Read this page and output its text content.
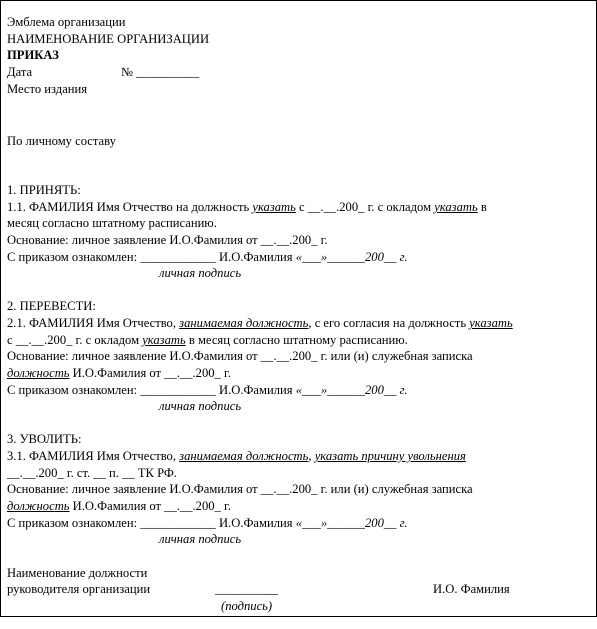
Эмблема организации
НАИМЕНОВАНИЕ ОРГАНИЗАЦИИ
ПРИКАЗ
Дата	№ __________
Место издания
По личному составу
1. ПРИНЯТЬ:
1.1. ФАМИЛИЯ Имя Отчество на должность указать с __.__.200_ г. с окладом указать в
месяц согласно штатному расписанию.
Основание: личное заявление И.О.Фамилия от __.__.200_ г.
С приказом ознакомлен: ____________ И.О.Фамилия «___»______200__ г.
личная подпись
2. ПЕРЕВЕСТИ:
2.1. ФАМИЛИЯ Имя Отчество, занимаемая должность, с его согласия на должность указать
с __.__.200_ г. с окладом указать в месяц согласно штатному расписанию.
Основание: личное заявление И.О.Фамилия от __.__.200_ г. или (и) служебная записка
должность И.О.Фамилия от __.__.200_ г.
С приказом ознакомлен: ____________ И.О.Фамилия «___»______200__ г.
личная подпись
3. УВОЛИТЬ:
3.1. ФАМИЛИЯ Имя Отчество, занимаемая должность, указать причину увольнения
__.__.200_ г. ст. __ п. __ ТК РФ.
Основание: личное заявление И.О.Фамилия от __.__.200_ г. или (и) служебная записка
должность И.О.Фамилия от __.__.200_ г.
С приказом ознакомлен: ____________ И.О.Фамилия «___»______200__ г.
личная подпись
Наименование должности
руководителя организации	__________	И.О. Фамилия
(подпись)
